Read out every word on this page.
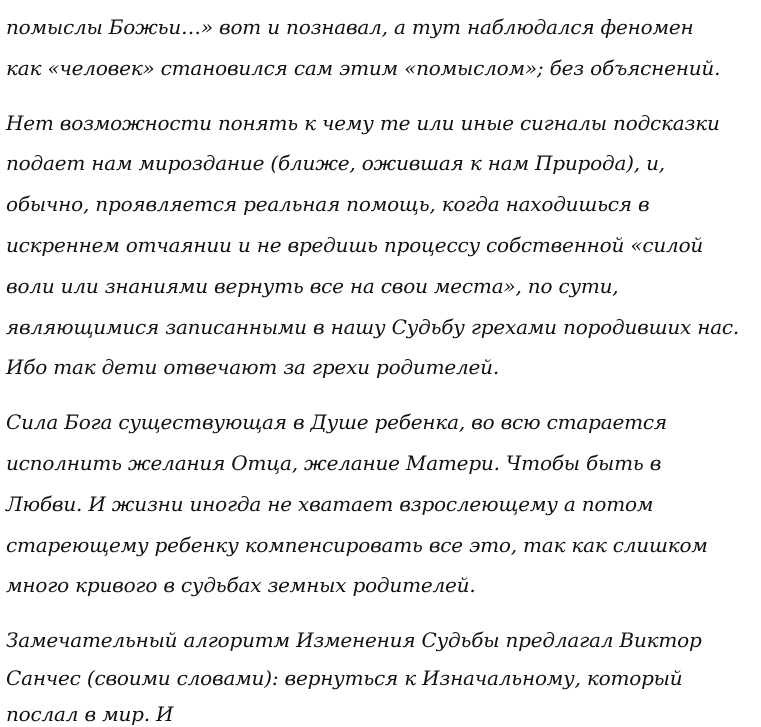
помыслы Божьи…» вот и познавал, а тут наблюдался феномен
как «человек» становился сам этим «помыслом»; без объяснений.
Нет возможности понять к чему те или иные сигналы подсказки
подает нам мироздание (ближе, ожившая к нам Природа), и,
обычно, проявляется реальная помощь, когда находишься в
искреннем отчаянии и не вредишь процессу собственной «силой
воли или знаниями вернуть все на свои места», по сути,
являющимися записанными в нашу Судьбу грехами породивших нас.
Ибо так дети отвечают за грехи родителей.
Сила Бога существующая в Душе ребенка, во всю старается
исполнить желания Отца, желание Матери. Чтобы быть в
Любви. И жизни иногда не хватает взрослеющему а потом
стареющему ребенку компенсировать все это, так как слишком
много кривого в судьбах земных родителей.
Замечательный алгоритм Изменения Судьбы предлагал Виктор
Санчес (своими словами): вернуться к Изначальному, который
послал в мир. И
